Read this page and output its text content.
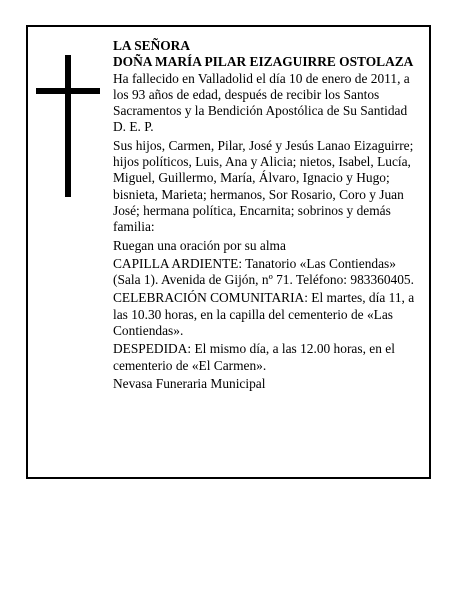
LA SEÑORA
DOÑA MARÍA PILAR EIZAGUIRRE OSTOLAZA

Ha fallecido en Valladolid el día 10 de enero de 2011, a los 93 años de edad, después de recibir los Santos Sacramentos y la Bendición Apostólica de Su Santidad D. E. P.

Sus hijos, Carmen, Pilar, José y Jesús Lanao Eizaguirre; hijos políticos, Luis, Ana y Alicia; nietos, Isabel, Lucía, Miguel, Guillermo, María, Álvaro, Ignacio y Hugo; bisnieta, Marieta; hermanos, Sor Rosario, Coro y Juan José; hermana política, Encarnita; sobrinos y demás familia:

Ruegan una oración por su alma

CAPILLA ARDIENTE: Tanatorio «Las Contiendas» (Sala 1). Avenida de Gijón, nº 71. Teléfono: 983360405.

CELEBRACIÓN COMUNITARIA: El martes, día 11, a las 10.30 horas, en la capilla del cementerio de «Las Contiendas».

DESPEDIDA: El mismo día, a las 12.00 horas, en el cementerio de «El Carmen».

Nevasa Funeraria Municipal
